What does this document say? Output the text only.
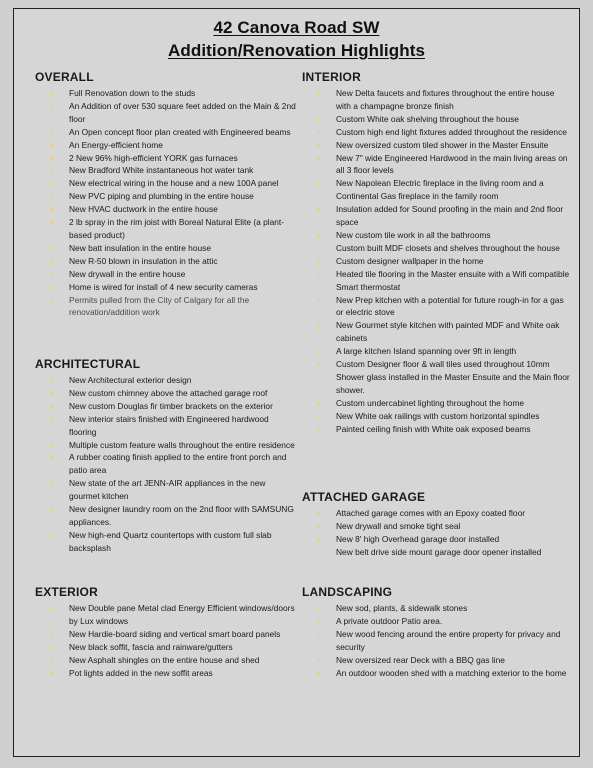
42 Canova Road SW
Addition/Renovation Highlights
OVERALL
Full Renovation down to the studs
An Addition of over 530 square feet added on the Main & 2nd floor
An Open concept floor plan created with Engineered beams
An Energy-efficient home
2 New 96% high-efficient YORK gas furnaces
New Bradford White instantaneous hot water tank
New electrical wiring in the house and a new 100A panel
New PVC piping and plumbing in the entire house
New HVAC ductwork in the entire house
2 lb spray in the rim joist with Boreal Natural Elite (a plant-based product)
New batt insulation in the entire house
New R-50 blown in insulation in the attic
New drywall in the entire house
Home is wired for install of 4 new security cameras
Permits pulled from the City of Calgary for all the renovation/addition work
ARCHITECTURAL
New Architectural exterior design
New custom chimney above the attached garage roof
New custom Douglas fir timber brackets on the exterior
New interior stairs finished with Engineered hardwood flooring
Multiple custom feature walls throughout the entire residence
A rubber coating finish applied to the entire front porch and patio area
New state of the art JENN-AIR appliances in the new gourmet kitchen
New designer laundry room on the 2nd floor with SAMSUNG appliances.
New high-end Quartz countertops with custom full slab backsplash
EXTERIOR
New Double pane Metal clad Energy Efficient windows/doors by Lux windows
New Hardie-board siding and vertical smart board panels
New black soffit, fascia and rainware/gutters
New Asphalt shingles on the entire house and shed
Pot lights added in the new soffit areas
INTERIOR
New Delta faucets and fixtures throughout the entire house with a champagne bronze finish
Custom White oak shelving throughout the house
Custom high end light fixtures added throughout the residence
New oversized custom tiled shower in the Master Ensuite
New 7" wide Engineered Hardwood in the main living areas on all 3 floor levels
New Napolean Electric fireplace in the living room and a Continental Gas fireplace in the family room
Insulation added for Sound proofing in the main and 2nd floor space
New custom tile work in all the bathrooms
Custom built MDF closets and shelves throughout the house
Custom designer wallpaper in the home
Heated tile flooring in the Master ensuite with a Wifi compatible Smart thermostat
New Prep kitchen with a potential for future rough-in for a gas or electric stove
New Gourmet style kitchen with painted MDF and White oak cabinets
A large kitchen Island spanning over 9ft in length
Custom Designer floor & wall tiles used throughout 10mm Shower glass installed in the Master Ensuite and the Main floor shower.
Custom undercabinet lighting throughout the home
New White oak railings with custom horizontal spindles
Painted ceiling finish with White oak exposed beams
ATTACHED GARAGE
Attached garage comes with an Epoxy coated floor
New drywall and smoke tight seal
New 8' high Overhead garage door installed
New belt drive side mount garage door opener installed
LANDSCAPING
New sod, plants, & sidewalk stones
A private outdoor Patio area.
New wood fencing around the entire property for privacy and security
New oversized rear Deck with a BBQ gas line
An outdoor wooden shed with a matching exterior to the home
